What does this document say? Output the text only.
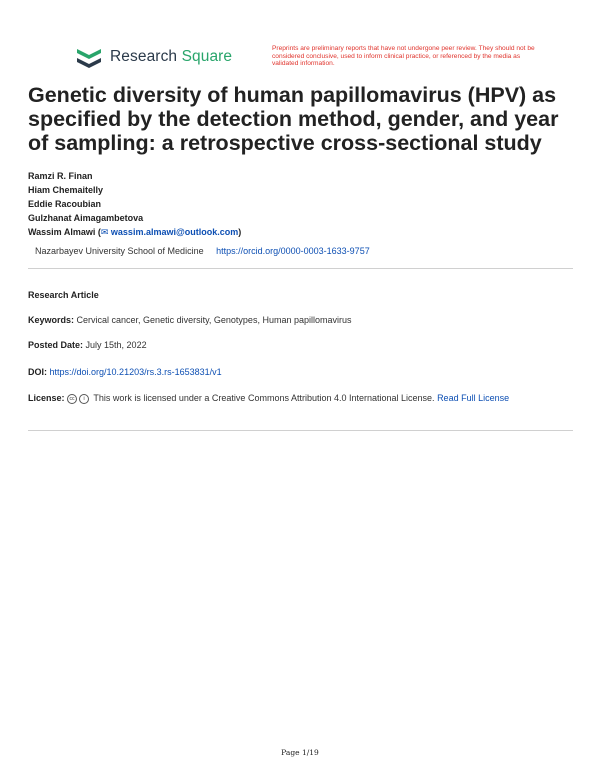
Research Square	Preprints are preliminary reports that have not undergone peer review. They should not be considered conclusive, used to inform clinical practice, or referenced by the media as validated information.
Genetic diversity of human papillomavirus (HPV) as specified by the detection method, gender, and year of sampling: a retrospective cross-sectional study
Ramzi R. Finan
Hiam Chemaitelly
Eddie Racoubian
Gulzhanat Aimagambetova
Wassim Almawi (✉ wassim.almawi@outlook.com)
Nazarbayev University School of Medicine https://orcid.org/0000-0003-1633-9757
Research Article
Keywords: Cervical cancer, Genetic diversity, Genotypes, Human papillomavirus
Posted Date: July 15th, 2022
DOI: https://doi.org/10.21203/rs.3.rs-1653831/v1
License: cc i This work is licensed under a Creative Commons Attribution 4.0 International License. Read Full License
Page 1/19
